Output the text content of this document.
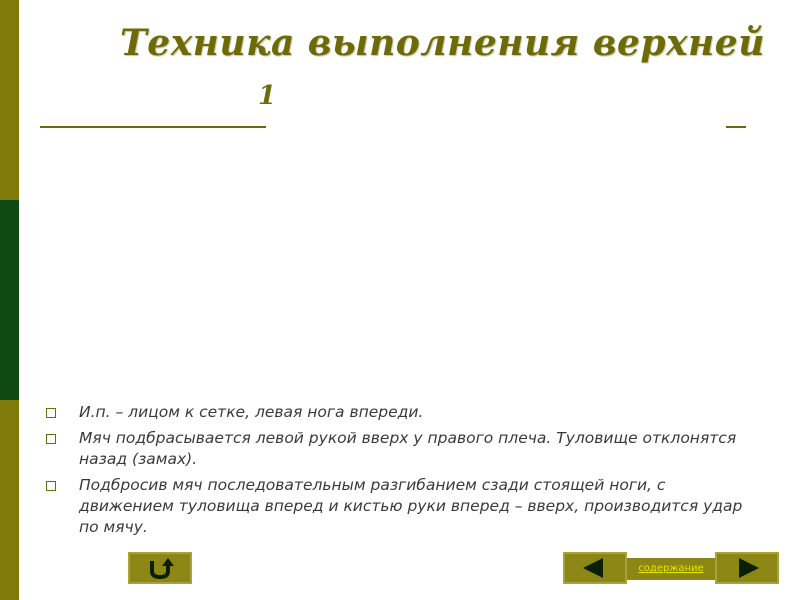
Техника выполнения верхней
1
И.п. – лицом к сетке, левая нога впереди.
Мяч подбрасывается левой рукой вверх у правого плеча. Туловище отклонятся назад (замах).
Подбросив мяч последовательным разгибанием сзади стоящей ноги, с движением туловища вперед и кистью руки вперед – вверх, производится удар по мячу.
содержание
